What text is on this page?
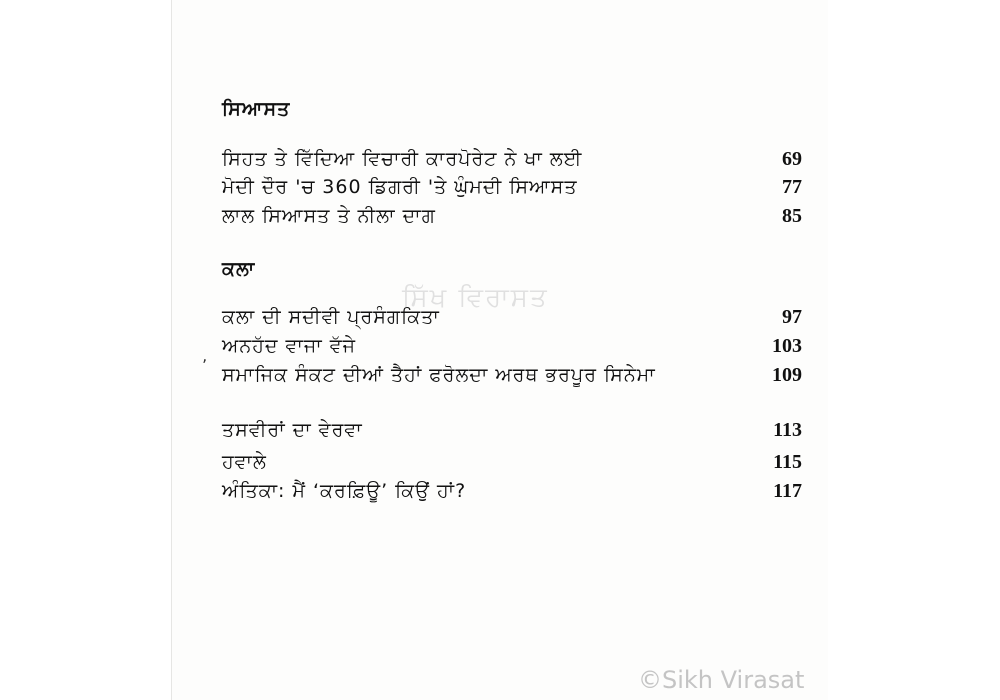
ਸਿੱਖ ਵਿਰਾਸਤ
ਸਿਆਸਤ
ਸਿਹਤ ਤੇ ਵਿੱਦਿਆ ਵਿਚਾਰੀ ਕਾਰਪੋਰੇਟ ਨੇ ਖਾ ਲਈ	69
ਮੋਦੀ ਦੌਰ 'ਚ 360 ਡਿਗਰੀ 'ਤੇ ਘੁੰਮਦੀ ਸਿਆਸਤ	77
ਲਾਲ ਸਿਆਸਤ ਤੇ ਨੀਲਾ ਦਾਗ	85
ਕਲਾ
ਕਲਾ ਦੀ ਸਦੀਵੀ ਪ੍ਰਸੰਗਕਿਤਾ	97
ʼ
ਅਨਹੱਦ ਵਾਜਾ ਵੱਜੇ	103
ਸਮਾਜਿਕ ਸੰਕਟ ਦੀਆਂ ਤੈਹਾਂ ਫਰੋਲਦਾ ਅਰਥ ਭਰਪੂਰ ਸਿਨੇਮਾ	109
ਤਸਵੀਰਾਂ ਦਾ ਵੇਰਵਾ	113
ਹਵਾਲੇ	115
ਅੰਤਿਕਾ: ਮੈਂ ‘ਕਰਫ਼ਿਊ’ ਕਿਉਂ ਹਾਂ?	117
©Sikh Virasat
